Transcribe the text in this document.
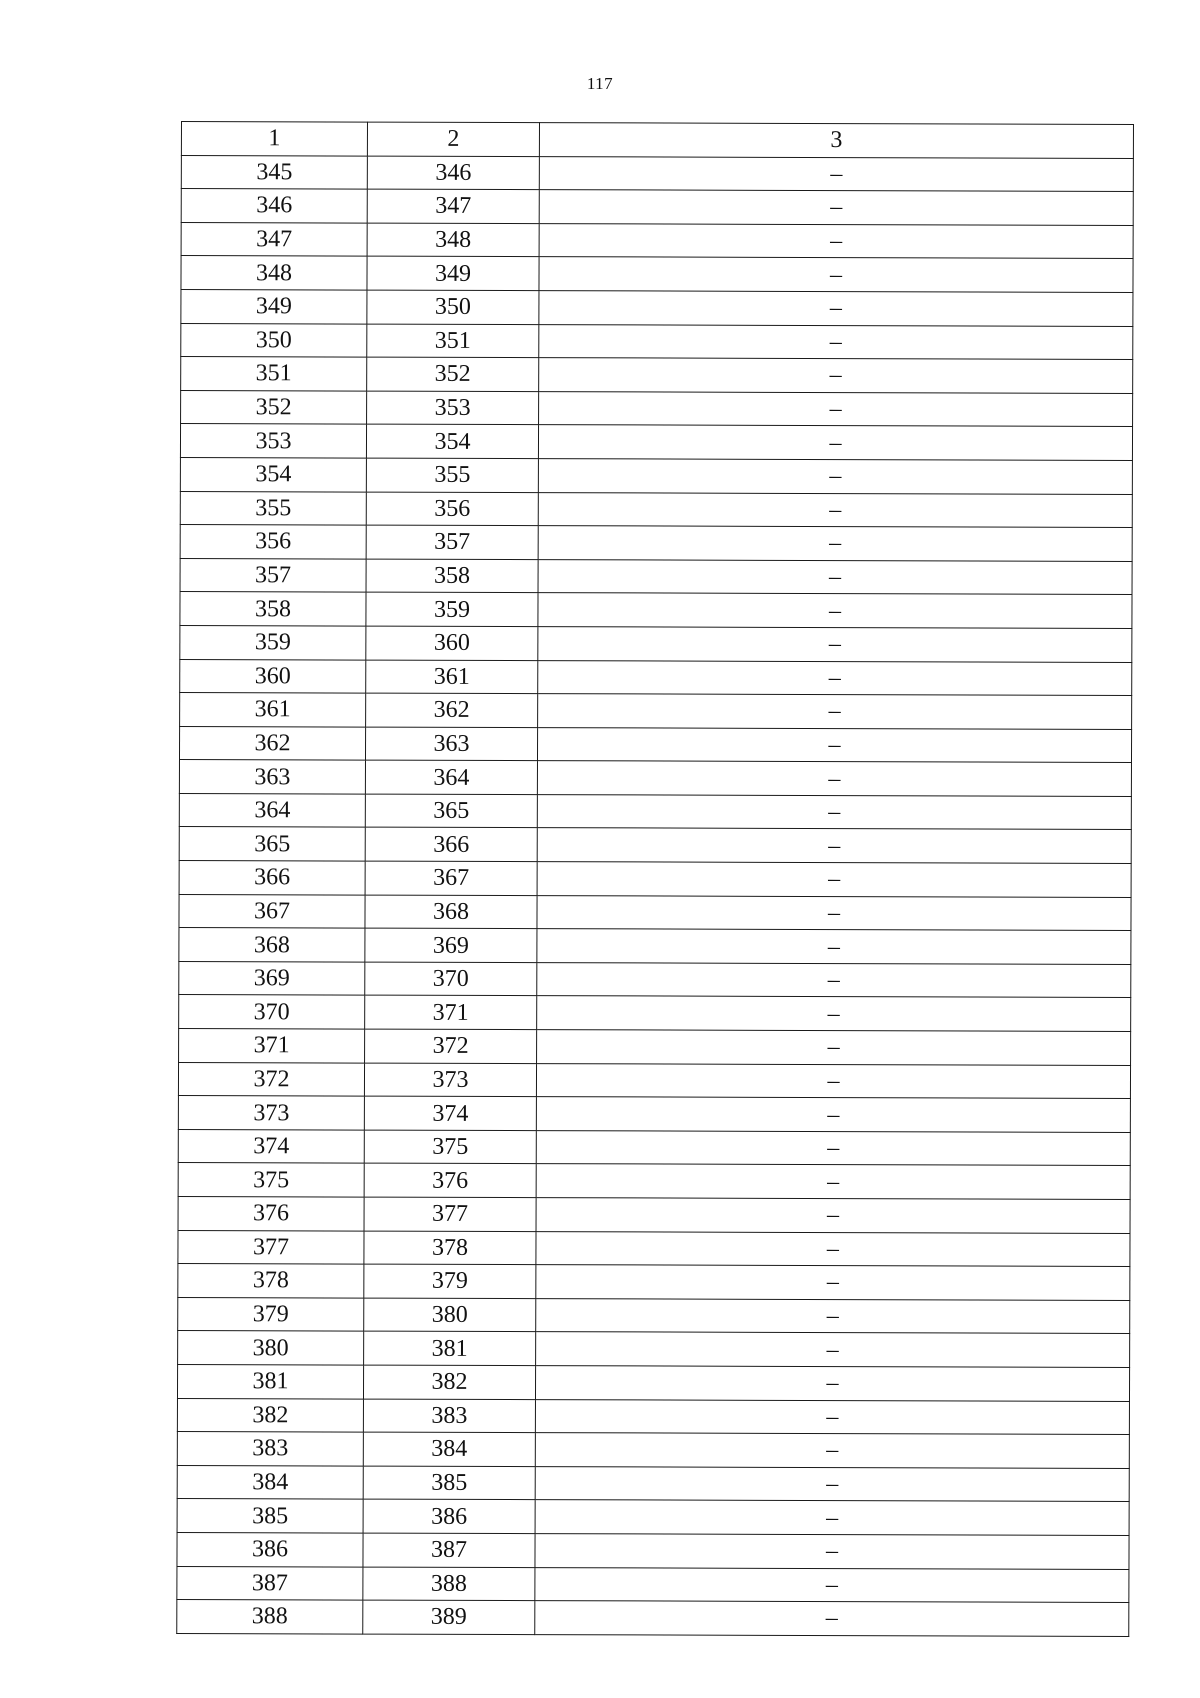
117
1	2	3
345	346	–
346	347	–
347	348	–
348	349	–
349	350	–
350	351	–
351	352	–
352	353	–
353	354	–
354	355	–
355	356	–
356	357	–
357	358	–
358	359	–
359	360	–
360	361	–
361	362	–
362	363	–
363	364	–
364	365	–
365	366	–
366	367	–
367	368	–
368	369	–
369	370	–
370	371	–
371	372	–
372	373	–
373	374	–
374	375	–
375	376	–
376	377	–
377	378	–
378	379	–
379	380	–
380	381	–
381	382	–
382	383	–
383	384	–
384	385	–
385	386	–
386	387	–
387	388	–
388	389	–
